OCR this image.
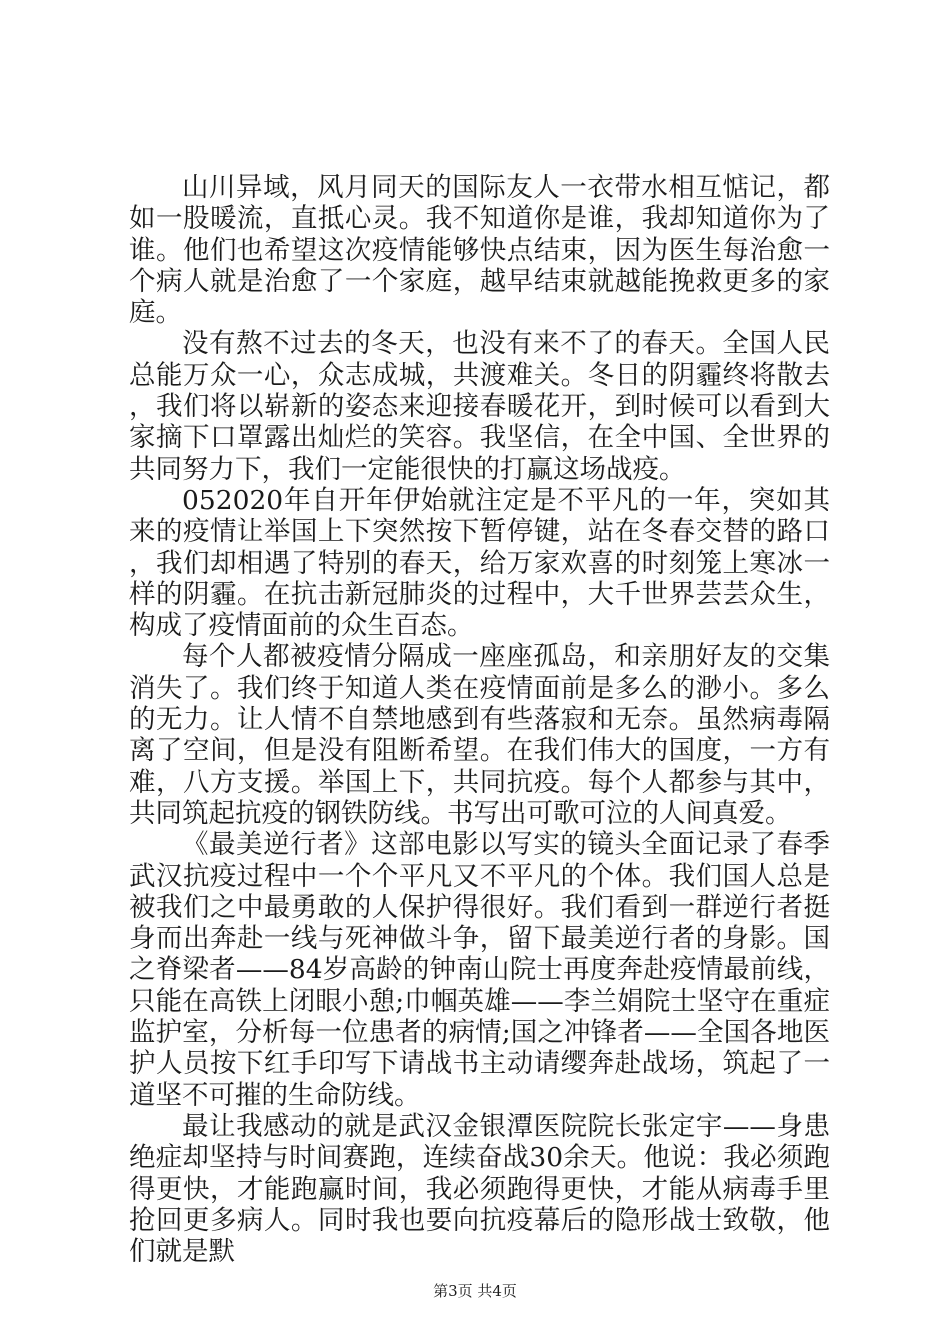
山川异域，风月同天的国际友人一衣带水相互惦记，都如一股暖流，直抵心灵。我不知道你是谁，我却知道你为了谁。他们也希望这次疫情能够快点结束，因为医生每治愈一个病人就是治愈了一个家庭，越早结束就越能挽救更多的家庭。

没有熬不过去的冬天，也没有来不了的春天。全国人民总能万众一心，众志成城，共渡难关。冬日的阴霾终将散去，我们将以崭新的姿态来迎接春暖花开，到时候可以看到大家摘下口罩露出灿烂的笑容。我坚信，在全中国、全世界的共同努力下，我们一定能很快的打赢这场战疫。

052020年自开年伊始就注定是不平凡的一年，突如其来的疫情让举国上下突然按下暂停键，站在冬春交替的路口，我们却相遇了特别的春天，给万家欢喜的时刻笼上寒冰一样的阴霾。在抗击新冠肺炎的过程中，大千世界芸芸众生，构成了疫情面前的众生百态。

每个人都被疫情分隔成一座座孤岛，和亲朋好友的交集消失了。我们终于知道人类在疫情面前是多么的渺小。多么的无力。让人情不自禁地感到有些落寂和无奈。虽然病毒隔离了空间，但是没有阻断希望。在我们伟大的国度，一方有难，八方支援。举国上下，共同抗疫。每个人都参与其中，共同筑起抗疫的钢铁防线。书写出可歌可泣的人间真爱。

《最美逆行者》这部电影以写实的镜头全面记录了春季武汉抗疫过程中一个个平凡又不平凡的个体。我们国人总是被我们之中最勇敢的人保护得很好。我们看到一群逆行者挺身而出奔赴一线与死神做斗争，留下最美逆行者的身影。国之脊梁者——84岁高龄的钟南山院士再度奔赴疫情最前线，只能在高铁上闭眼小憩;巾帼英雄——李兰娟院士坚守在重症监护室，分析每一位患者的病情;国之冲锋者——全国各地医护人员按下红手印写下请战书主动请缨奔赴战场，筑起了一道坚不可摧的生命防线。

最让我感动的就是武汉金银潭医院院长张定宇——身患绝症却坚持与时间赛跑，连续奋战30余天。他说：我必须跑得更快，才能跑赢时间，我必须跑得更快，才能从病毒手里抢回更多病人。同时我也要向抗疫幕后的隐形战士致敬，他们就是默

第3页 共4页
